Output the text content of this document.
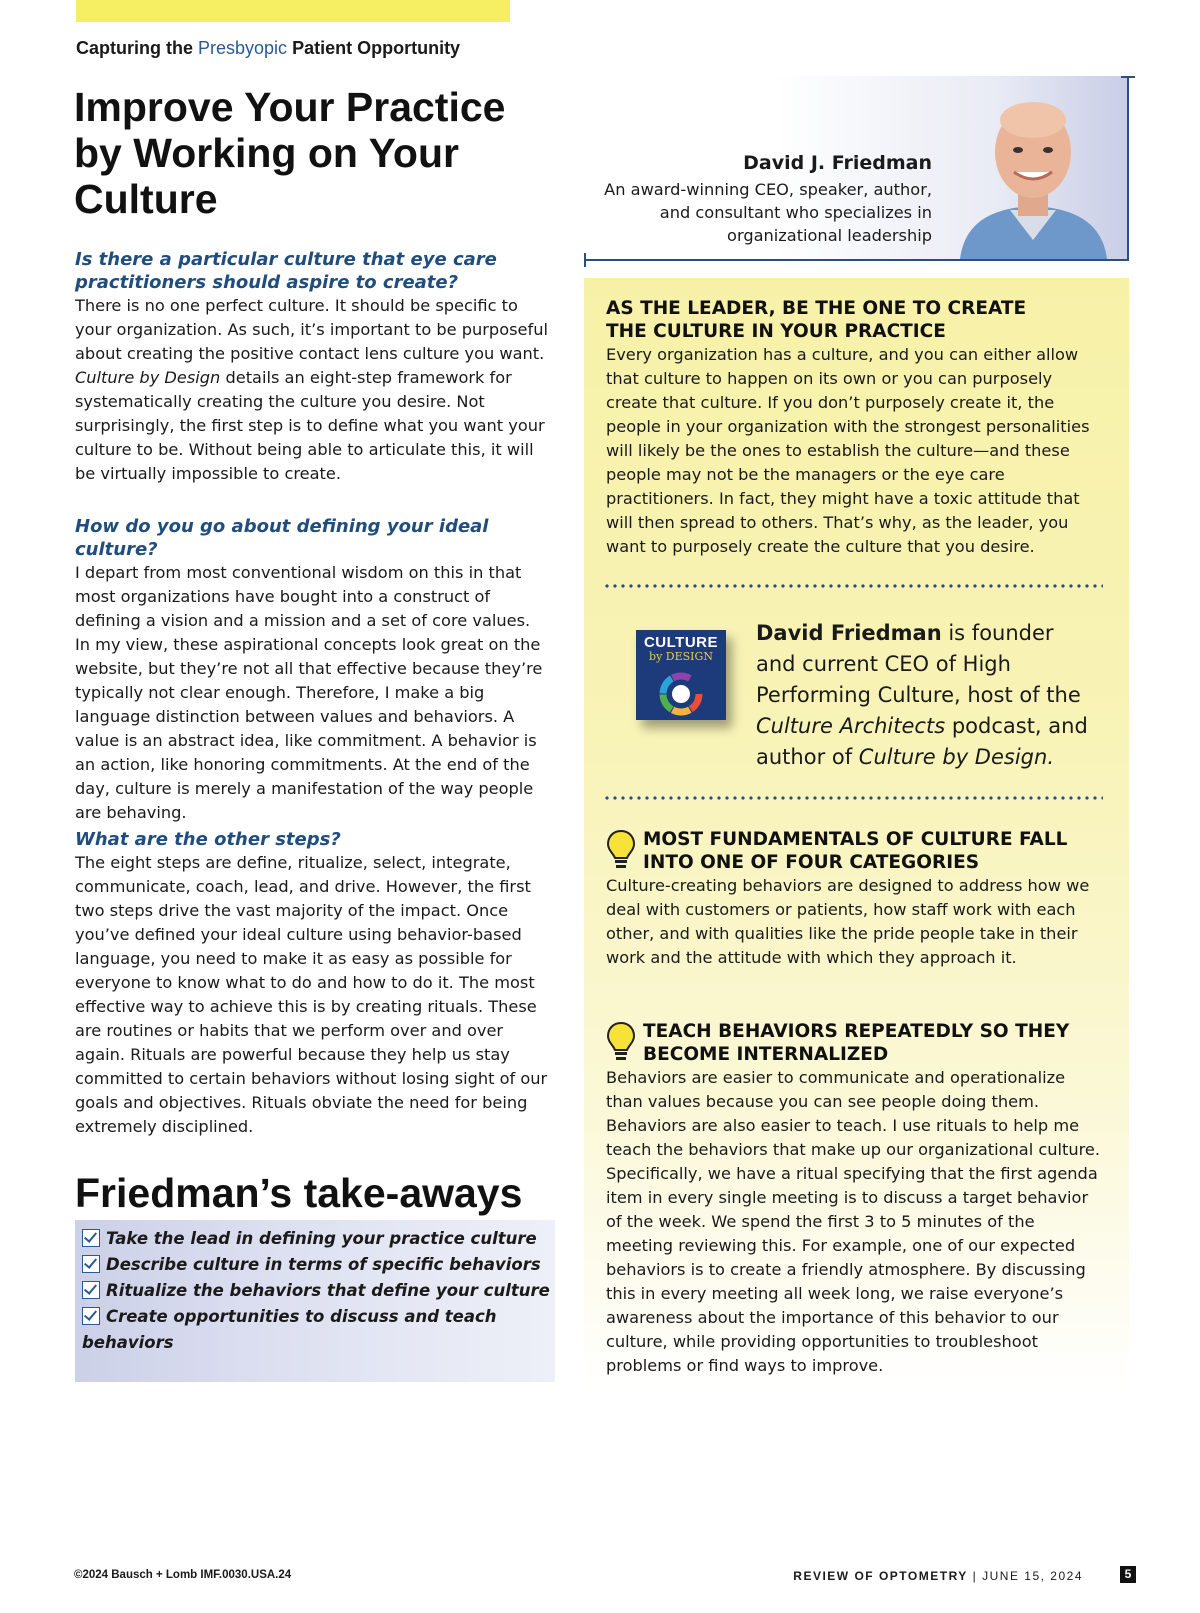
Capturing the Presbyopic Patient Opportunity
Improve Your Practice by Working on Your Culture

Is there a particular culture that eye care practitioners should aspire to create?

There is no one perfect culture. It should be specific to your organization. As such, it’s important to be purposeful about creating the positive contact lens culture you want. Culture by Design details an eight-step framework for systematically creating the culture you desire. Not surprisingly, the first step is to define what you want your culture to be. Without being able to articulate this, it will be virtually impossible to create.

How do you go about defining your ideal culture?

I depart from most conventional wisdom on this in that most organizations have bought into a construct of defining a vision and a mission and a set of core values. In my view, these aspirational concepts look great on the website, but they’re not all that effective because they’re typically not clear enough. Therefore, I make a big language distinction between values and behaviors. A value is an abstract idea, like commitment. A behavior is an action, like honoring commitments. At the end of the day, culture is merely a manifestation of the way people are behaving.

What are the other steps?

The eight steps are define, ritualize, select, integrate, communicate, coach, lead, and drive. However, the first two steps drive the vast majority of the impact. Once you’ve defined your ideal culture using behavior-based language, you need to make it as easy as possible for everyone to know what to do and how to do it. The most effective way to achieve this is by creating rituals. These are routines or habits that we perform over and over again. Rituals are powerful because they help us stay committed to certain behaviors without losing sight of our goals and objectives. Rituals obviate the need for being extremely disciplined.

Friedman’s take-aways
Take the lead in defining your practice culture
Describe culture in terms of specific behaviors
Ritualize the behaviors that define your culture
Create opportunities to discuss and teach behaviors
David J. Friedman
An award-winning CEO, speaker, author, and consultant who specializes in organizational leadership

AS THE LEADER, BE THE ONE TO CREATE
THE CULTURE IN YOUR PRACTICE

Every organization has a culture, and you can either allow that culture to happen on its own or you can purposely create that culture. If you don’t purposely create it, the people in your organization with the strongest personalities will likely be the ones to establish the culture—and these people may not be the managers or the eye care practitioners. In fact, they might have a toxic attitude that will then spread to others. That’s why, as the leader, you want to purposely create the culture that you desire.

CULTURE
by DESIGN
David Friedman is founder and current CEO of High Performing Culture, host of the Culture Architects podcast, and author of Culture by Design.

MOST FUNDAMENTALS OF CULTURE FALL INTO ONE OF FOUR CATEGORIES

Culture-creating behaviors are designed to address how we deal with customers or patients, how staff work with each other, and with qualities like the pride people take in their work and the attitude with which they approach it.

TEACH BEHAVIORS REPEATEDLY SO THEY BECOME INTERNALIZED

Behaviors are easier to communicate and operationalize than values because you can see people doing them. Behaviors are also easier to teach. I use rituals to help me teach the behaviors that make up our organizational culture. Specifically, we have a ritual specifying that the first agenda item in every single meeting is to discuss a target behavior of the week. We spend the first 3 to 5 minutes of the meeting reviewing this. For example, one of our expected behaviors is to create a friendly atmosphere. By discussing this in every meeting all week long, we raise everyone’s awareness about the importance of this behavior to our culture, while providing opportunities to troubleshoot problems or find ways to improve.

©2024 Bausch + Lomb IMF.0030.USA.24	REVIEW OF OPTOMETRY | JUNE 15, 2024	5
